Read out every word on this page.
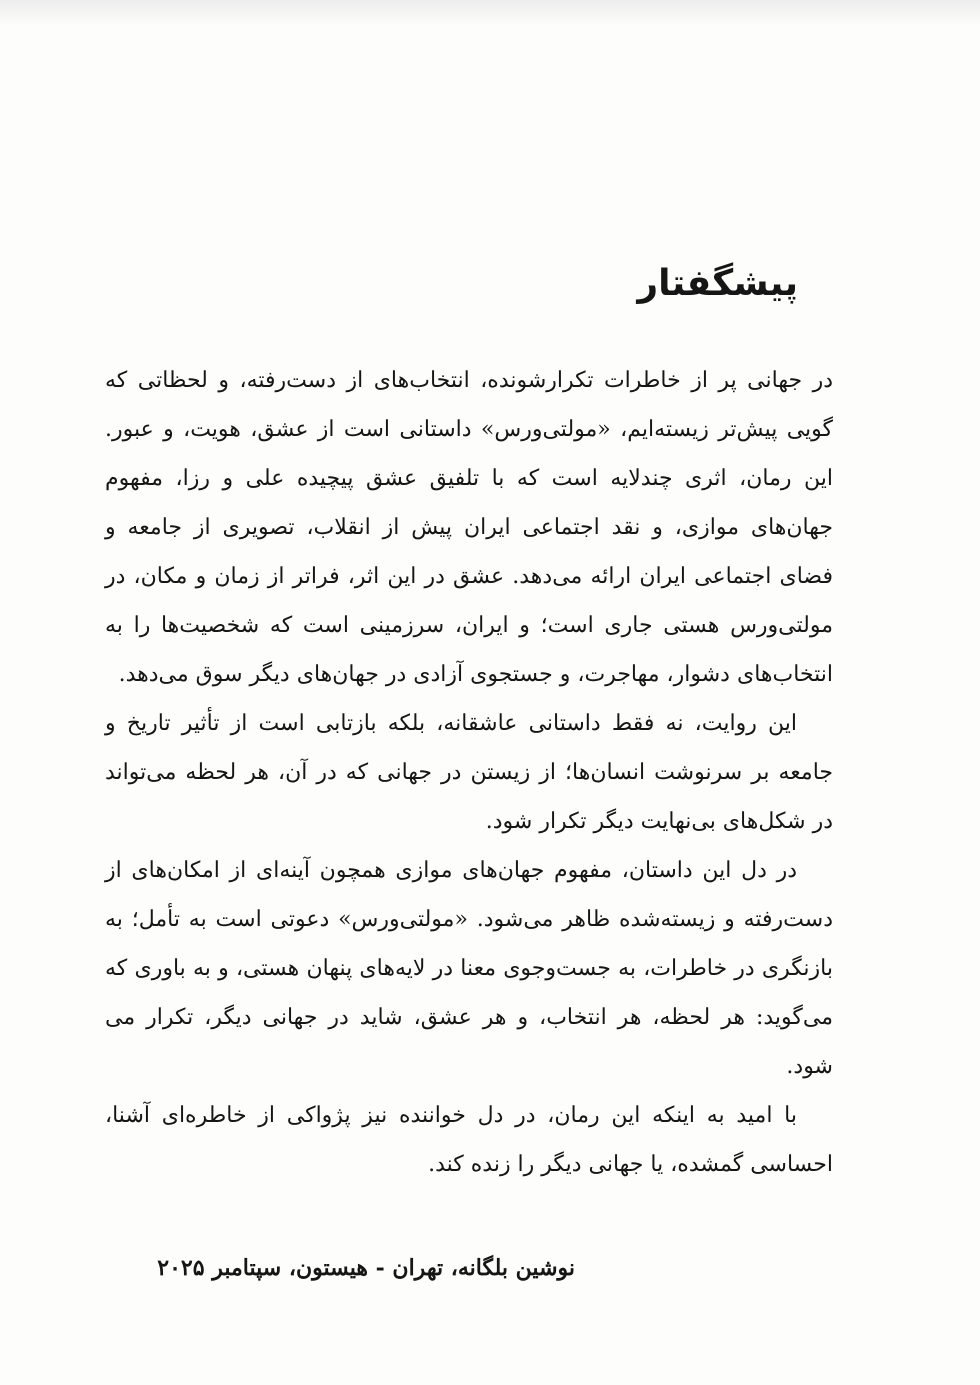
پیشگفتار

در جهانی پر از خاطرات تکرارشونده، انتخاب‌های از دست‌رفته، و لحظاتی که گویی پیش‌تر زیسته‌ایم، «مولتی‌ورس» داستانی است از عشق، هویت، و عبور. این رمان، اثری چندلایه است که با تلفیق عشق پیچیده علی و رزا، مفهوم جهان‌های موازی، و نقد اجتماعی ایران پیش از انقلاب، تصویری از جامعه و فضای اجتماعی ایران ارائه می‌دهد. عشق در این اثر، فراتر از زمان و مکان، در مولتی‌ورس هستی جاری است؛ و ایران، سرزمینی است که شخصیت‌ها را به انتخاب‌های دشوار، مهاجرت، و جستجوی آزادی در جهان‌های دیگر سوق می‌دهد.

این روایت، نه فقط داستانی عاشقانه، بلکه بازتابی است از تأثیر تاریخ و جامعه بر سرنوشت انسان‌ها؛ از زیستن در جهانی که در آن، هر لحظه می‌تواند در شکل‌های بی‌نهایت دیگر تکرار شود.

در دل این داستان، مفهوم جهان‌های موازی همچون آینه‌ای از امکان‌های از دست‌رفته و زیسته‌شده ظاهر می‌شود. «مولتی‌ورس» دعوتی است به تأمل؛ به بازنگری در خاطرات، به جست‌وجوی معنا در لایه‌های پنهان هستی، و به باوری که می‌گوید: هر لحظه، هر انتخاب، و هر عشق، شاید در جهانی دیگر، تکرار می شود.

با امید به اینکه این رمان، در دل خواننده نیز پژواکی از خاطره‌ای آشنا، احساسی گمشده، یا جهانی دیگر را زنده کند.

نوشین بلگانه، تهران - هیستون، سپتامبر ۲۰۲۵
